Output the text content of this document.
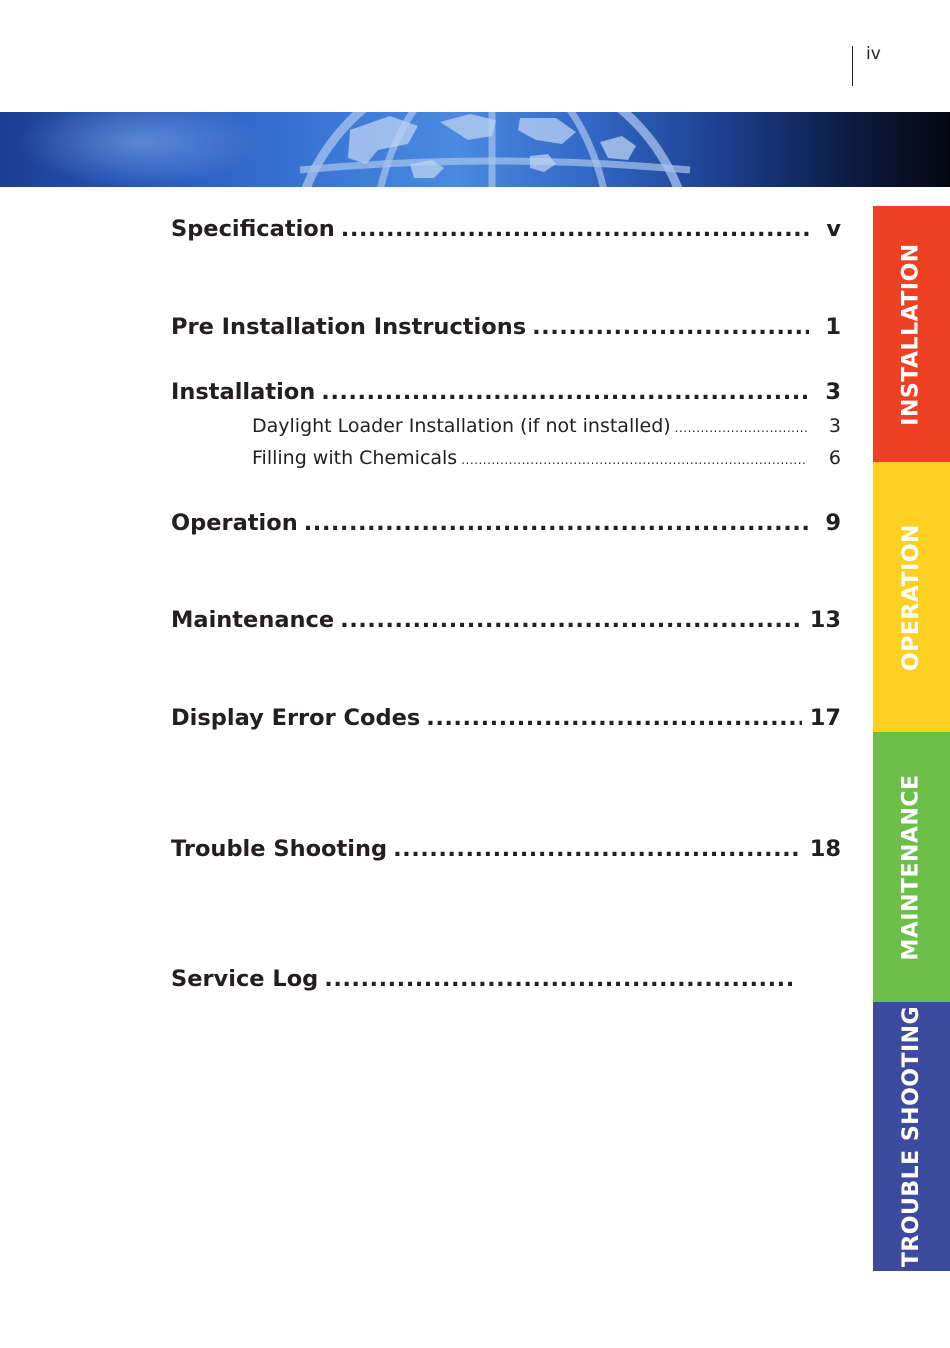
iv
Specification .....	v
Pre Installation Instructions .....	1
Installation .....	3
Daylight Loader Installation (if not installed) .....	3
Filling with Chemicals .....	6
Operation .....	9
Maintenance .....	13
Display Error Codes .....	17
Trouble Shooting .....	18
Service Log
.....
INSTALLATION
OPERATION
MAINTENANCE
TROUBLE SHOOTING
